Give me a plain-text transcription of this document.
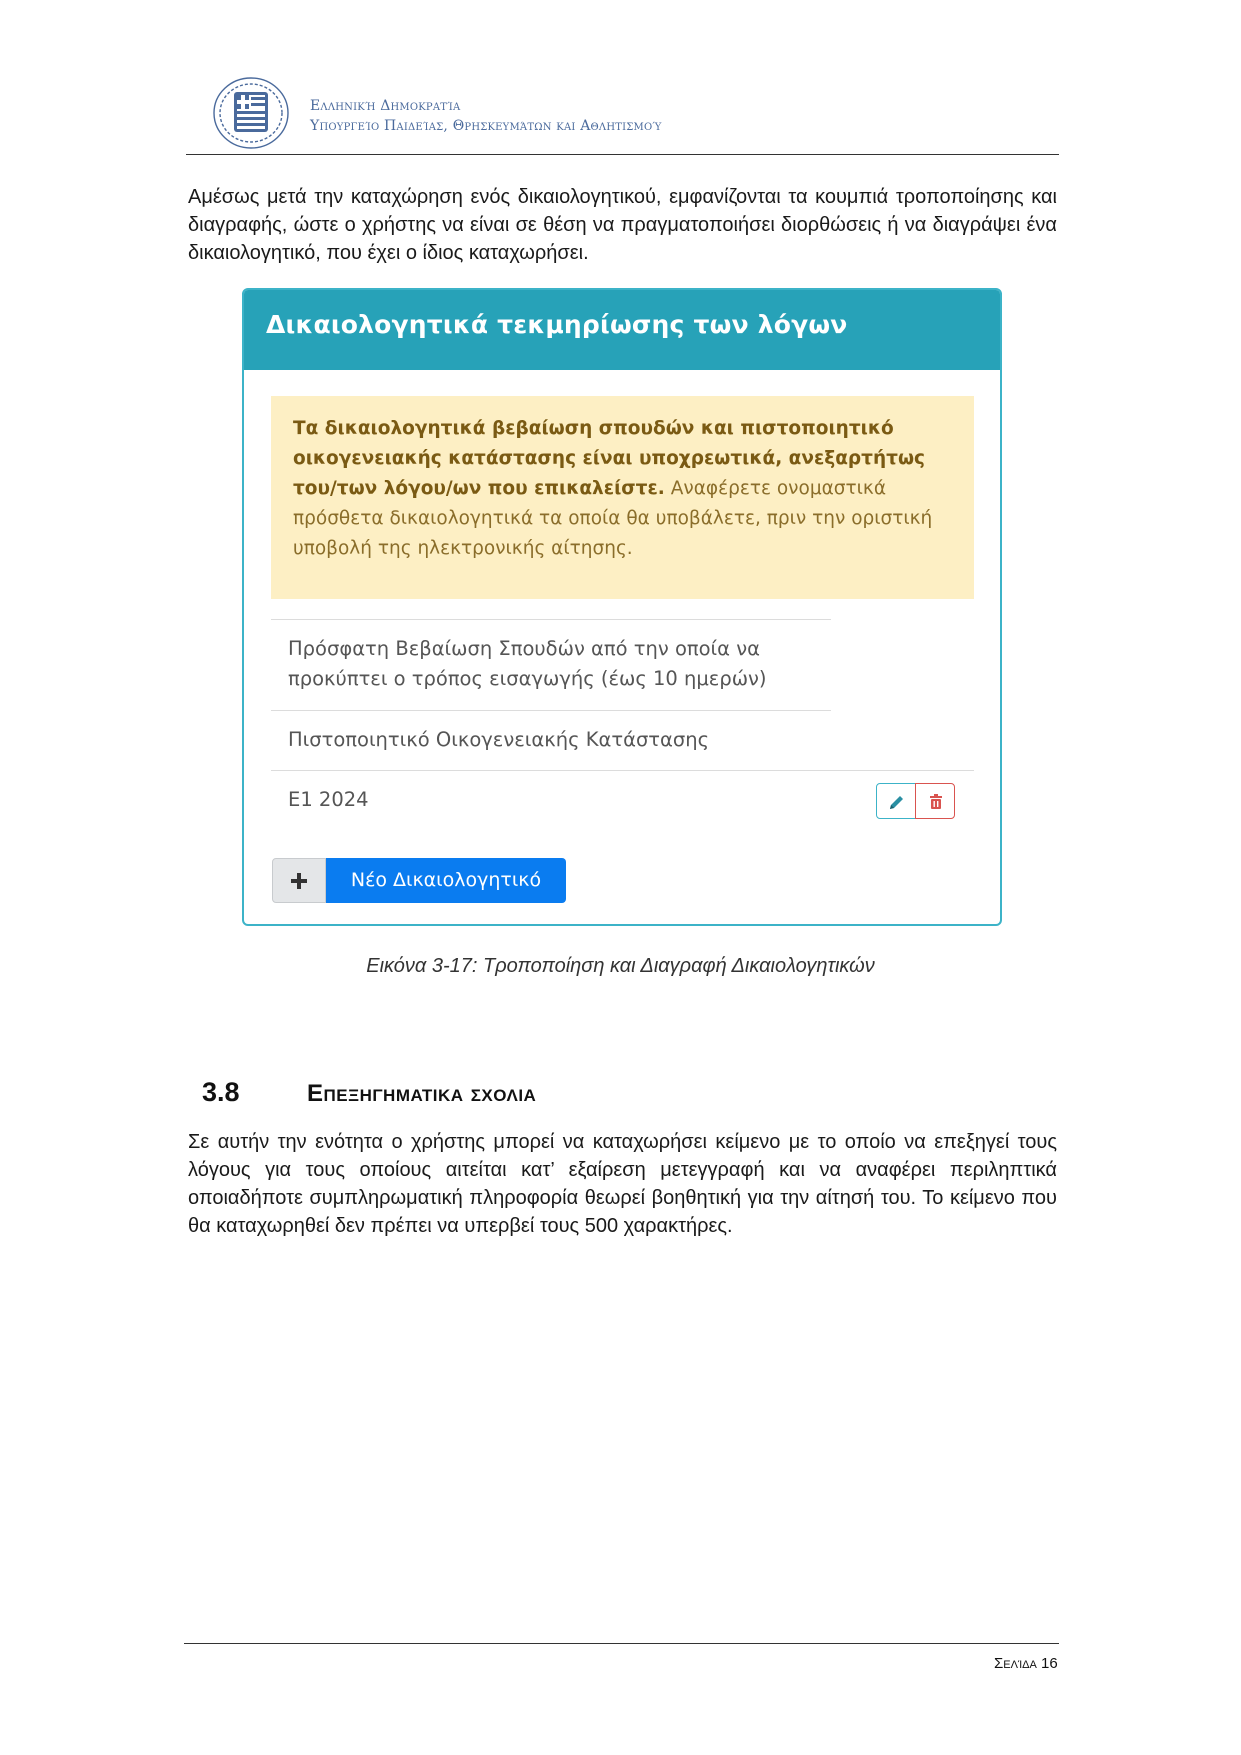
Ελληνική Δημοκρατία
Υπουργείο Παιδείας, Θρησκευμάτων και Αθλητισμού
Αμέσως μετά την καταχώρηση ενός δικαιολογητικού, εμφανίζονται τα κουμπιά τροποποίησης και διαγραφής, ώστε ο χρήστης να είναι σε θέση να πραγματοποιήσει διορθώσεις ή να διαγράψει ένα δικαιολογητικό, που έχει ο ίδιος καταχωρήσει.
Δικαιολογητικά τεκμηρίωσης των λόγων
Τα δικαιολογητικά βεβαίωση σπουδών και πιστοποιητικό οικογενειακής κατάστασης είναι υποχρεωτικά, ανεξαρτήτως του/των λόγου/ων που επικαλείστε. Αναφέρετε ονομαστικά πρόσθετα δικαιολογητικά τα οποία θα υποβάλετε, πριν την οριστική υποβολή της ηλεκτρονικής αίτησης.
Πρόσφατη Βεβαίωση Σπουδών από την οποία να προκύπτει ο τρόπος εισαγωγής (έως 10 ημερών)
Πιστοποιητικό Οικογενειακής Κατάστασης
Ε1 2024
Νέο Δικαιολογητικό
Εικόνα 3-17: Τροποποίηση και Διαγραφή Δικαιολογητικών
3.8	Επεξηγηματικα σχολια
Σε αυτήν την ενότητα ο χρήστης μπορεί να καταχωρήσει κείμενο με το οποίο να επεξηγεί τους λόγους για τους οποίους αιτείται κατ’ εξαίρεση μετεγγραφή και να αναφέρει περιληπτικά οποιαδήποτε συμπληρωματική πληροφορία θεωρεί βοηθητική για την αίτησή του. Το κείμενο που θα καταχωρηθεί δεν πρέπει να υπερβεί τους 500 χαρακτήρες.
Σελίδα 16
